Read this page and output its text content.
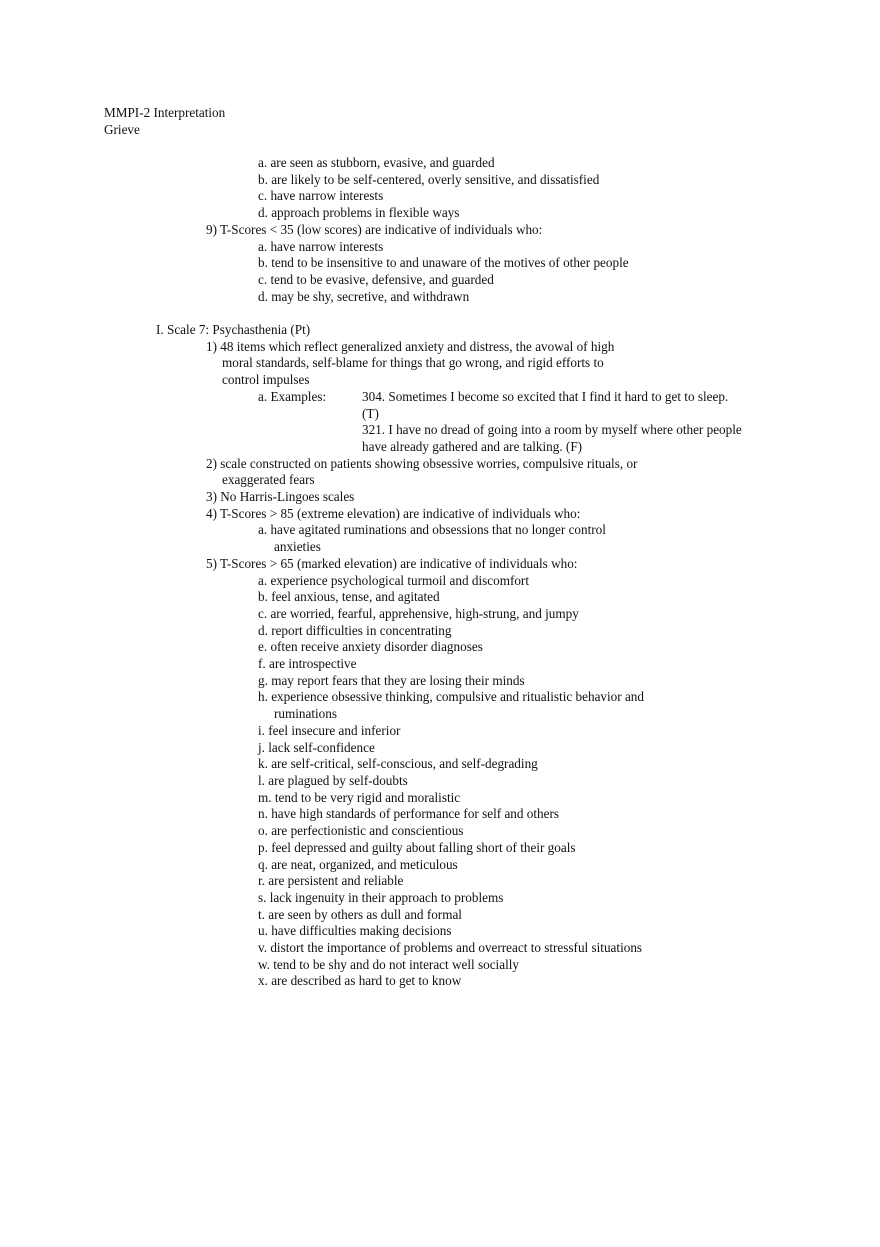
MMPI-2 Interpretation
Grieve
a. are seen as stubborn, evasive, and guarded
b. are likely to be self-centered, overly sensitive, and dissatisfied
c. have narrow interests
d. approach problems in flexible ways
9) T-Scores < 35 (low scores) are indicative of individuals who:
a. have narrow interests
b. tend to be insensitive to and unaware of the motives of other people
c. tend to be evasive, defensive, and guarded
d. may be shy, secretive, and withdrawn
I. Scale 7: Psychasthenia (Pt)
1) 48 items which reflect generalized anxiety and distress, the avowal of high
moral standards, self-blame for things that go wrong, and rigid efforts to
control impulses
a. Examples:	304. Sometimes I become so excited that I find it hard to get to sleep.
(T)
321. I have no dread of going into a room by myself where other people
have already gathered and are talking. (F)
2) scale constructed on patients showing obsessive worries, compulsive rituals, or
exaggerated fears
3) No Harris-Lingoes scales
4) T-Scores > 85 (extreme elevation) are indicative of individuals who:
a. have agitated ruminations and obsessions that no longer control
anxieties
5) T-Scores > 65 (marked elevation) are indicative of individuals who:
a. experience psychological turmoil and discomfort
b. feel anxious, tense, and agitated
c. are worried, fearful, apprehensive, high-strung, and jumpy
d. report difficulties in concentrating
e. often receive anxiety disorder diagnoses
f. are introspective
g. may report fears that they are losing their minds
h. experience obsessive thinking, compulsive and ritualistic behavior and
ruminations
i. feel insecure and inferior
j. lack self-confidence
k. are self-critical, self-conscious, and self-degrading
l. are plagued by self-doubts
m. tend to be very rigid and moralistic
n. have high standards of performance for self and others
o. are perfectionistic and conscientious
p. feel depressed and guilty about falling short of their goals
q. are neat, organized, and meticulous
r. are persistent and reliable
s. lack ingenuity in their approach to problems
t. are seen by others as dull and formal
u. have difficulties making decisions
v. distort the importance of problems and overreact to stressful situations
w. tend to be shy and do not interact well socially
x. are described as hard to get to know
